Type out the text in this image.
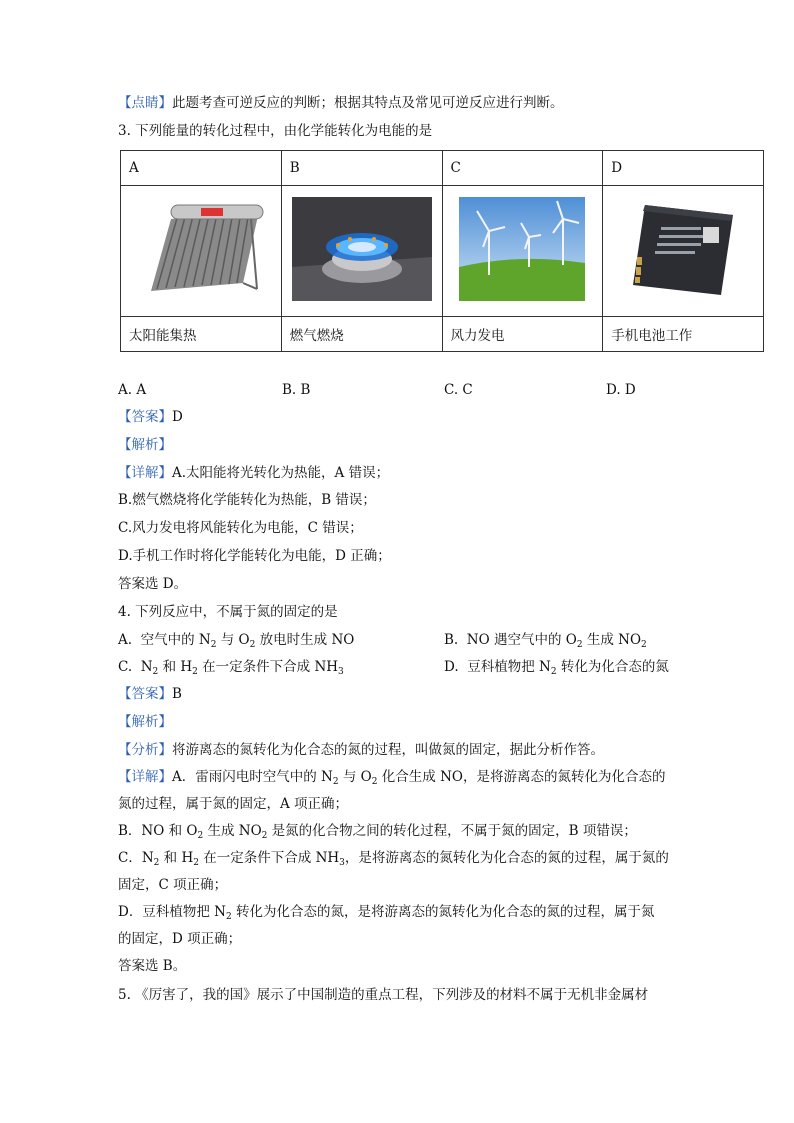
【点睛】此题考查可逆反应的判断；根据其特点及常见可逆反应进行判断。
3. 下列能量的转化过程中，由化学能转化为电能的是
A	B	C	D

太阳能集热	燃气燃烧	风力发电	手机电池工作
A. A	B. B	C. C	D. D
【答案】D
【解析】
【详解】A.太阳能将光转化为热能，A 错误；
B.燃气燃烧将化学能转化为热能，B 错误；
C.风力发电将风能转化为电能，C 错误；
D.手机工作时将化学能转化为电能，D 正确；
答案选 D。
4. 下列反应中，不属于氮的固定的是
A.  空气中的 $N_2$ 与 $O_2$ 放电时生成 NO	B.  NO 遇空气中的 $O_2$ 生成 $NO_2$
C.  $N_2$ 和 $H_2$ 在一定条件下合成 $NH_3$	D.  豆科植物把 $N_2$ 转化为化合态的氮
【答案】B
【解析】
【分析】将游离态的氮转化为化合态的氮的过程，叫做氮的固定，据此分析作答。
【详解】A．雷雨闪电时空气中的 $N_2$ 与 $O_2$ 化合生成 NO，是将游离态的氮转化为化合态的
氮的过程，属于氮的固定，A 项正确；
B．NO 和 $O_2$ 生成 $NO_2$ 是氮的化合物之间的转化过程，不属于氮的固定，B 项错误；
C．$N_2$ 和 $H_2$ 在一定条件下合成 $NH_3$，是将游离态的氮转化为化合态的氮的过程，属于氮的
固定，C 项正确；
D．豆科植物把 $N_2$ 转化为化合态的氮，是将游离态的氮转化为化合态的氮的过程，属于氮
的固定，D 项正确；
答案选 B。
5. 《厉害了，我的国》展示了中国制造的重点工程，下列涉及的材料不属于无机非金属材
